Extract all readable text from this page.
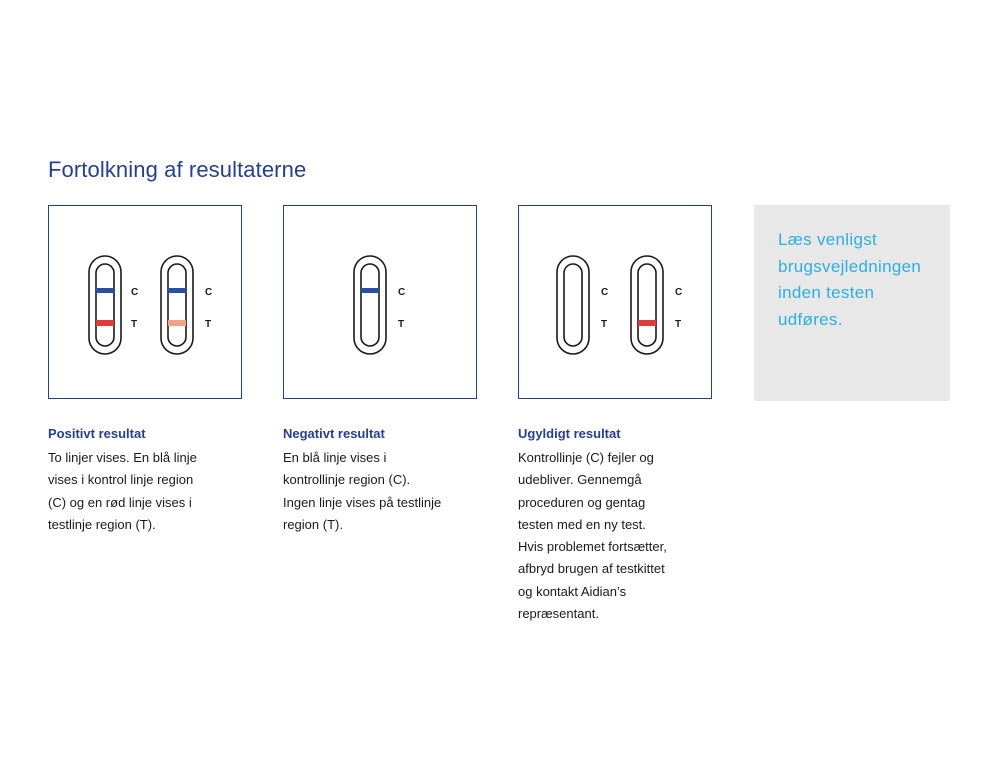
Fortolkning af resultaterne
C
T
C
T
C
T
C
T
C
T
Læs venligst
brugsvejledningen
inden testen
udføres.
Positivt resultat
To linjer vises. En blå linje
vises i kontrol linje region
(C) og en rød linje vises i
testlinje region (T).
Negativt resultat
En blå linje vises i
kontrollinje region (C).
Ingen linje vises på testlinje
region (T).
Ugyldigt resultat
Kontrollinje (C) fejler og
udebliver. Gennemgå
proceduren og gentag
testen med en ny test.
Hvis problemet fortsætter,
afbryd brugen af testkittet
og kontakt Aidian’s
repræsentant.
